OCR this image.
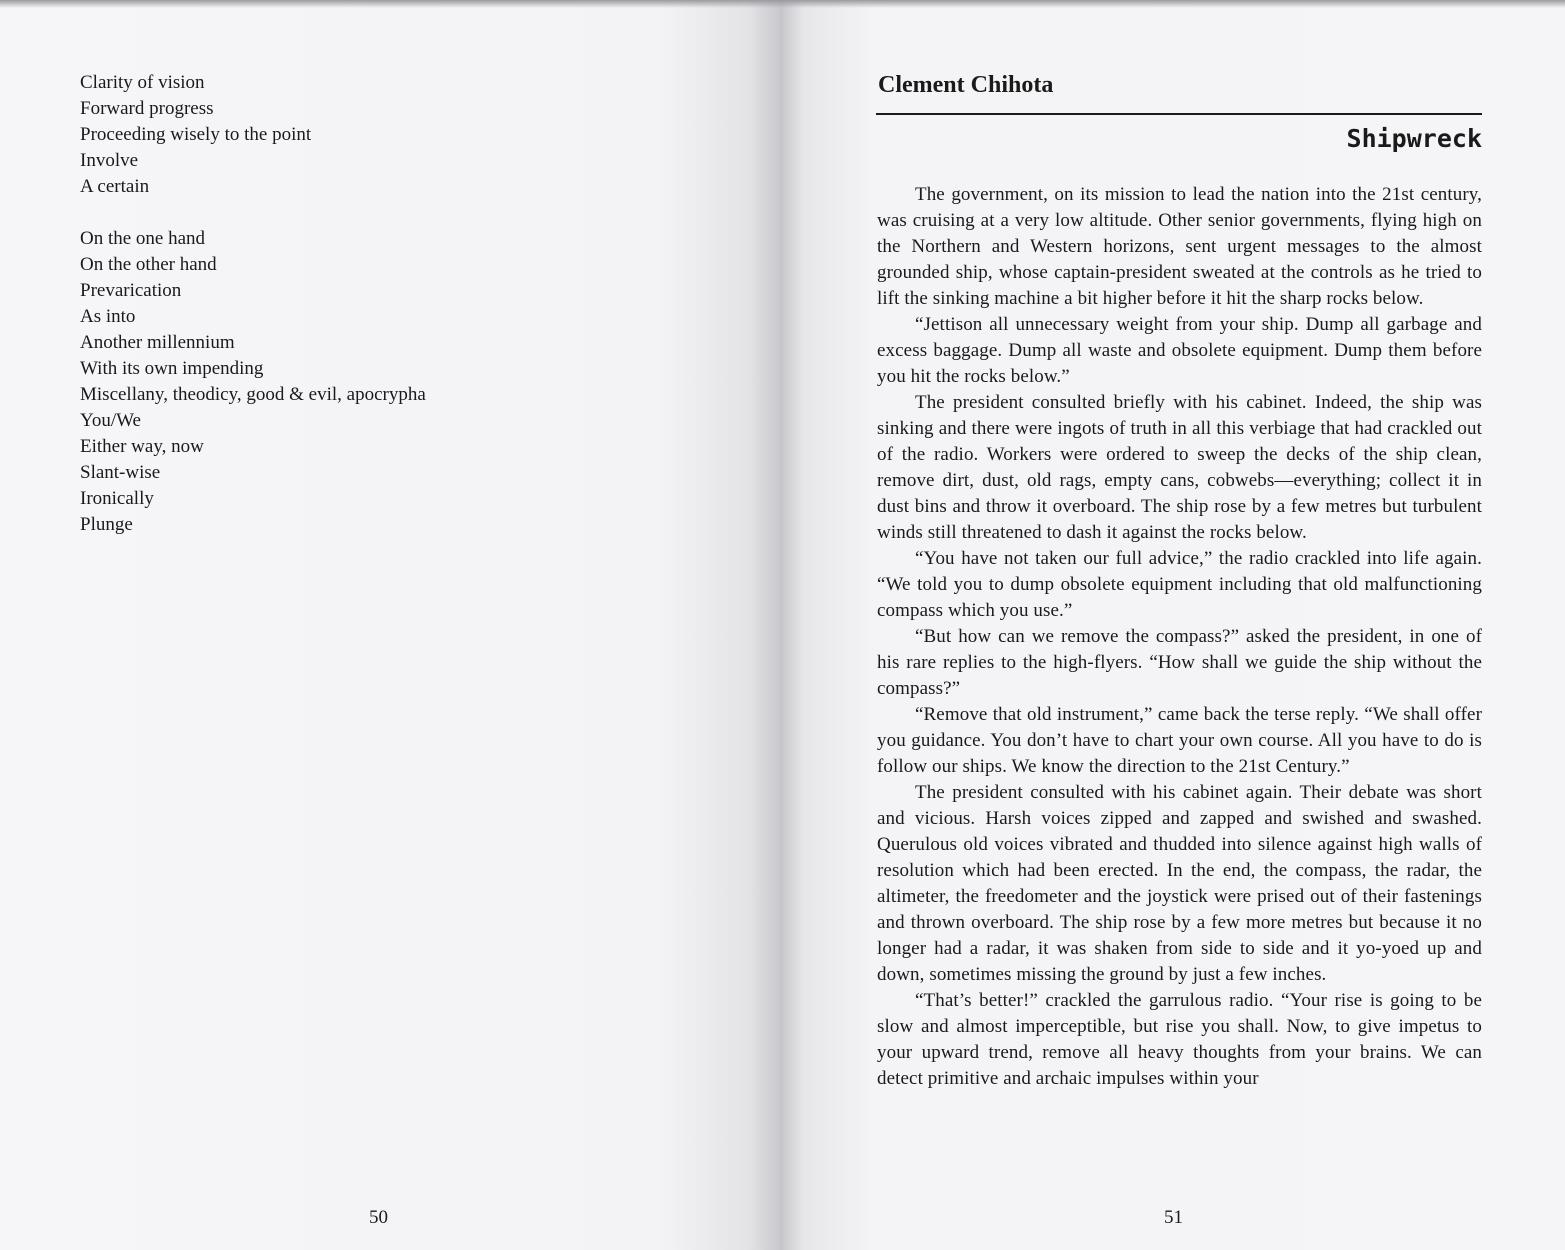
Clarity of vision
Forward progress
Proceeding wisely to the point
Involve
A certain
On the one hand
On the other hand
Prevarication
As into
Another millennium
With its own impending
Miscellany, theodicy, good & evil, apocrypha
You/We
Either way, now
Slant-wise
Ironically
Plunge
50
Clement Chihota
Shipwreck

The government, on its mission to lead the nation into the 21st century, was cruising at a very low altitude. Other senior governments, flying high on the Northern and Western horizons, sent urgent messages to the almost grounded ship, whose captain-president sweated at the controls as he tried to lift the sinking machine a bit higher before it hit the sharp rocks below.

“Jettison all unnecessary weight from your ship. Dump all garbage and excess baggage. Dump all waste and obsolete equipment. Dump them before you hit the rocks below.”

The president consulted briefly with his cabinet. Indeed, the ship was sinking and there were ingots of truth in all this verbiage that had crackled out of the radio. Workers were ordered to sweep the decks of the ship clean, remove dirt, dust, old rags, empty cans, cobwebs—everything; collect it in dust bins and throw it overboard. The ship rose by a few metres but turbulent winds still threatened to dash it against the rocks below.

“You have not taken our full advice,” the radio crackled into life again. “We told you to dump obsolete equipment including that old malfunctioning compass which you use.”

“But how can we remove the compass?” asked the president, in one of his rare replies to the high-flyers. “How shall we guide the ship without the compass?”

“Remove that old instrument,” came back the terse reply. “We shall offer you guidance. You don’t have to chart your own course. All you have to do is follow our ships. We know the direction to the 21st Century.”

The president consulted with his cabinet again. Their debate was short and vicious. Harsh voices zipped and zapped and swished and swashed. Querulous old voices vibrated and thudded into silence against high walls of resolution which had been erected. In the end, the compass, the radar, the altimeter, the freedometer and the joystick were prised out of their fastenings and thrown overboard. The ship rose by a few more metres but because it no longer had a radar, it was shaken from side to side and it yo-yoed up and down, sometimes missing the ground by just a few inches.

“That’s better!” crackled the garrulous radio. “Your rise is going to be slow and almost imperceptible, but rise you shall. Now, to give impetus to your upward trend, remove all heavy thoughts from your brains. We can detect primitive and archaic impulses within your

51
